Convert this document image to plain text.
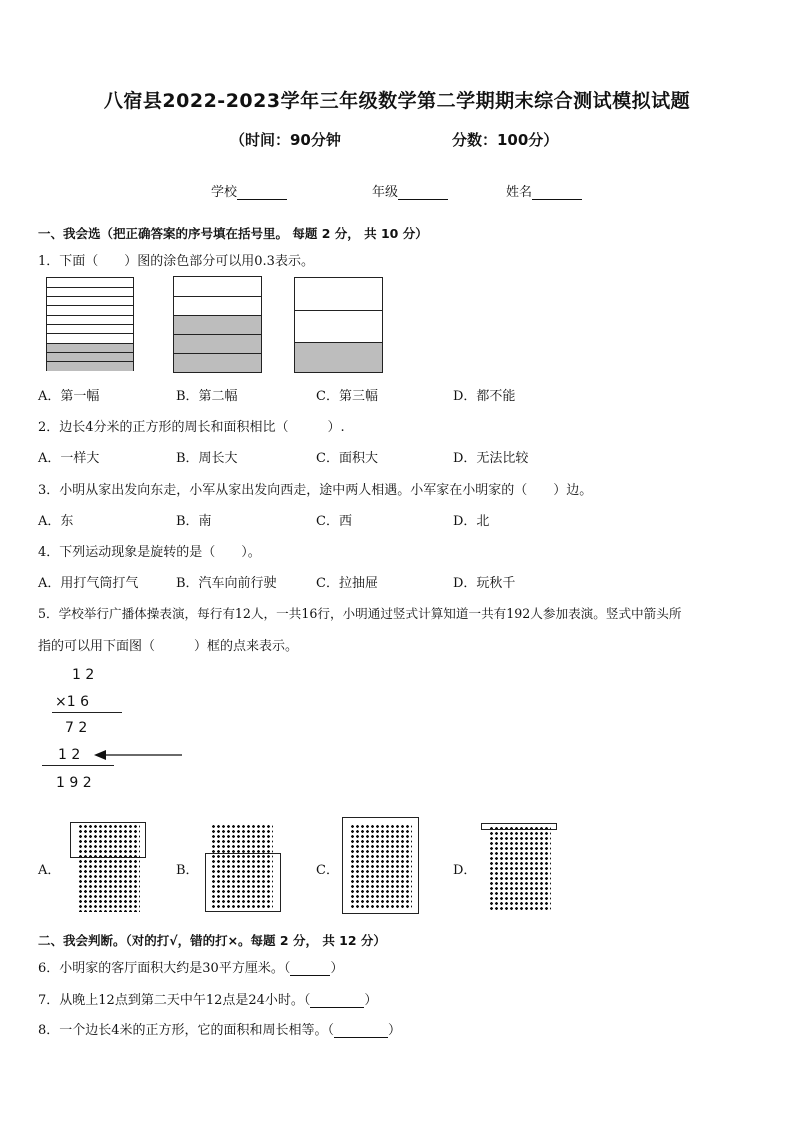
八宿县2022-2023学年三年级数学第二学期期末综合测试模拟试题
（时间：90分钟	分数：100分）
学校	年级	姓名
一、我会选（把正确答案的序号填在括号里。 每题 2 分， 共 10 分）
1．下面（　　）图的涂色部分可以用0.3表示。
A．第一幅	B．第二幅	C．第三幅	D．都不能
2．边长4分米的正方形的周长和面积相比（　　　）.
A．一样大	B．周长大	C．面积大	D．无法比较
3．小明从家出发向东走，小军从家出发向西走，途中两人相遇。小军家在小明家的（　　）边。
A．东	B．南	C．西	D．北
4．下列运动现象是旋转的是（　　）。
A．用打气筒打气	B．汽车向前行驶	C．拉抽屉	D．玩秋千
5．学校举行广播体操表演，每行有12人，一共16行，小明通过竖式计算知道一共有192人参加表演。竖式中箭头所
指的可以用下面图（　　　）框的点来表示。
1 2
×1 6
7 2
1 2
1 9 2
A．	B．	C．	D．
二、我会判断。（对的打√，错的打×。每题 2 分， 共 12 分）
6．小明家的客厅面积大约是30平方厘米。（	）
7．从晚上12点到第二天中午12点是24小时。（	）
8．一个边长4米的正方形，它的面积和周长相等。（	）
